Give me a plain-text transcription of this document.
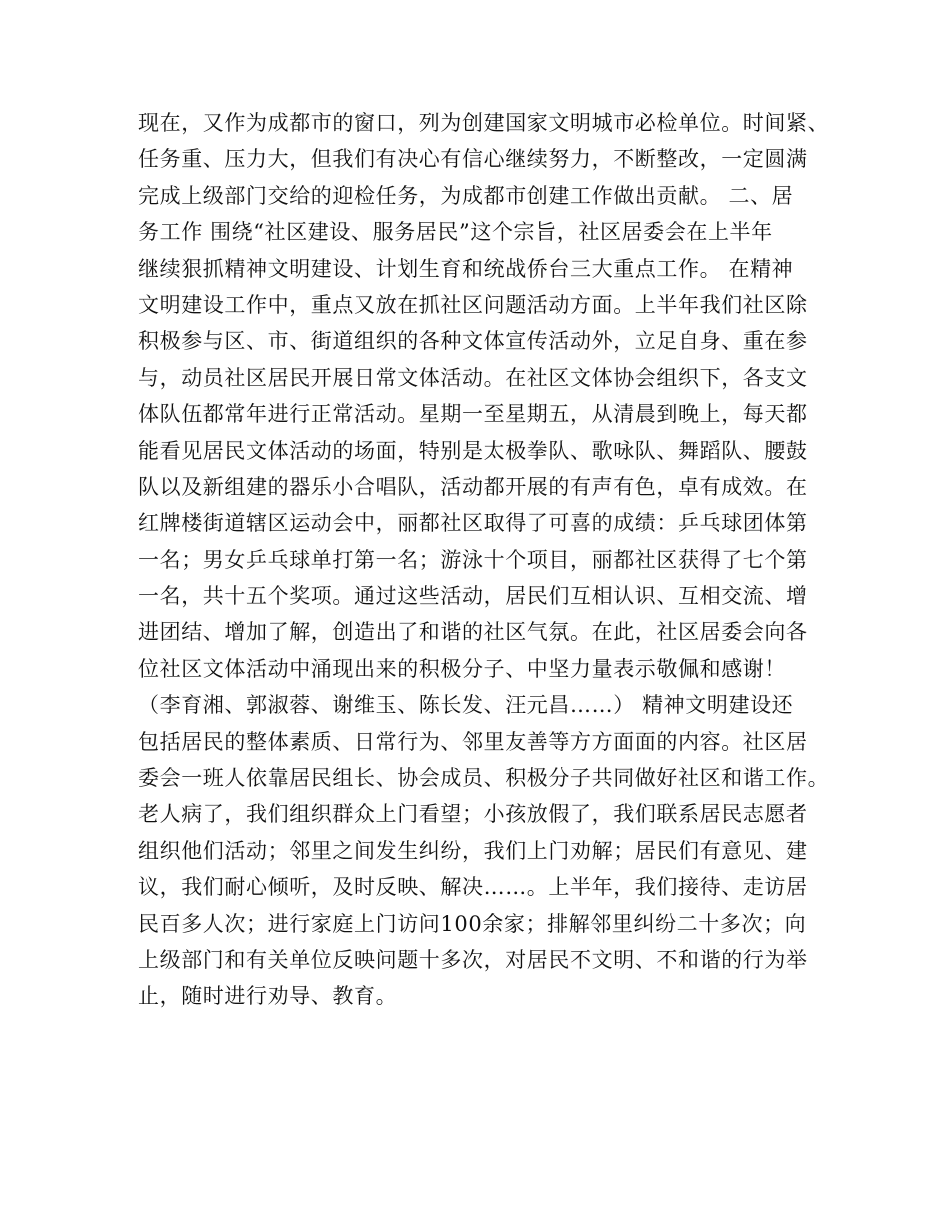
现在，又作为成都市的窗口，列为创建国家文明城市必检单位。时间紧、
任务重、压力大，但我们有决心有信心继续努力，不断整改，一定圆满
完成上级部门交给的迎检任务，为成都市创建工作做出贡献。 二、居
务工作 围绕“社区建设、服务居民”这个宗旨，社区居委会在上半年
继续狠抓精神文明建设、计划生育和统战侨台三大重点工作。 在精神
文明建设工作中，重点又放在抓社区问题活动方面。上半年我们社区除
积极参与区、市、街道组织的各种文体宣传活动外，立足自身、重在参
与，动员社区居民开展日常文体活动。在社区文体协会组织下，各支文
体队伍都常年进行正常活动。星期一至星期五，从清晨到晚上，每天都
能看见居民文体活动的场面，特别是太极拳队、歌咏队、舞蹈队、腰鼓
队以及新组建的器乐小合唱队，活动都开展的有声有色，卓有成效。在
红牌楼街道辖区运动会中，丽都社区取得了可喜的成绩：乒乓球团体第
一名；男女乒乓球单打第一名；游泳十个项目，丽都社区获得了七个第
一名，共十五个奖项。通过这些活动，居民们互相认识、互相交流、增
进团结、增加了解，创造出了和谐的社区气氛。在此，社区居委会向各
位社区文体活动中涌现出来的积极分子、中坚力量表示敬佩和感谢！
（李育湘、郭淑蓉、谢维玉、陈长发、汪元昌……） 精神文明建设还
包括居民的整体素质、日常行为、邻里友善等方方面面的内容。社区居
委会一班人依靠居民组长、协会成员、积极分子共同做好社区和谐工作。
老人病了，我们组织群众上门看望；小孩放假了，我们联系居民志愿者
组织他们活动；邻里之间发生纠纷，我们上门劝解；居民们有意见、建
议，我们耐心倾听，及时反映、解决……。上半年，我们接待、走访居
民百多人次；进行家庭上门访问100余家；排解邻里纠纷二十多次；向
上级部门和有关单位反映问题十多次，对居民不文明、不和谐的行为举
止，随时进行劝导、教育。
